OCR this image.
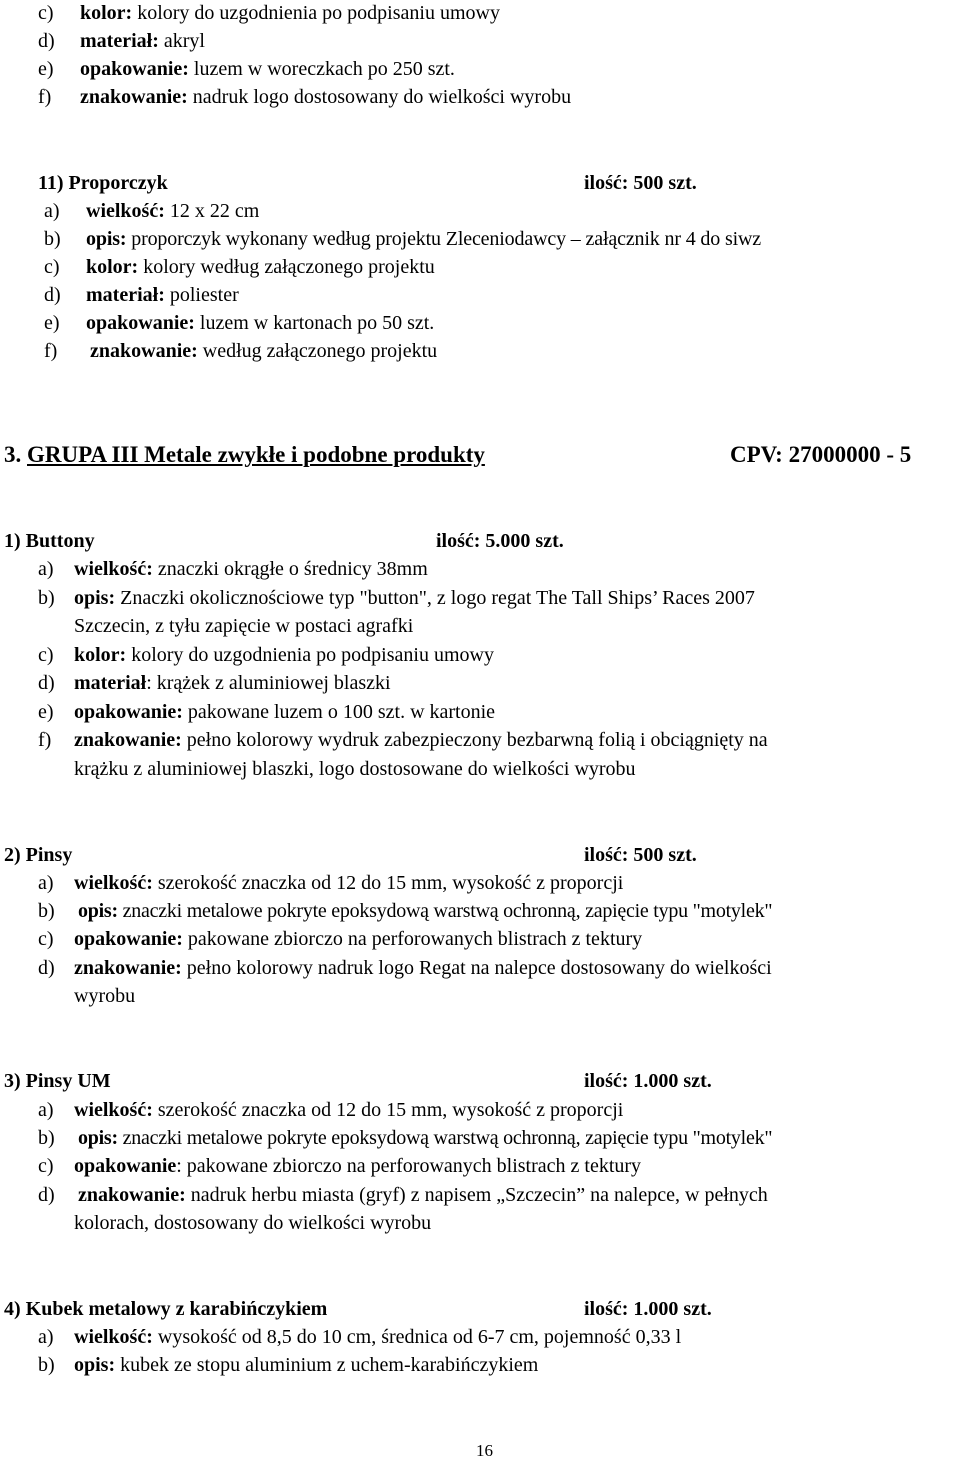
c) kolor: kolory do uzgodnienia po podpisaniu umowy
d) materiał: akryl
e) opakowanie: luzem w woreczkach po 250 szt.
f) znakowanie: nadruk logo dostosowany do wielkości wyrobu
11) Proporczyk	ilość: 500 szt.
a) wielkość: 12 x 22 cm
b) opis: proporczyk wykonany według projektu Zleceniodawcy – załącznik nr 4 do siwz
c) kolor: kolory według załączonego projektu
d) materiał: poliester
e) opakowanie: luzem w kartonach po 50 szt.
f) znakowanie: według załączonego projektu
3. GRUPA III Metale zwykłe i podobne produkty	CPV: 27000000 - 5
1) Buttony	ilość: 5.000 szt.
a) wielkość: znaczki okrągłe o średnicy 38mm
b) opis: Znaczki okolicznościowe typ "button", z logo regat The Tall Ships’ Races 2007
Szczecin, z tyłu zapięcie w postaci agrafki
c) kolor: kolory do uzgodnienia po podpisaniu umowy
d) materiał: krążek z aluminiowej blaszki
e) opakowanie: pakowane luzem o 100 szt. w kartonie
f) znakowanie: pełno kolorowy wydruk zabezpieczony bezbarwną folią i obciągnięty na
krążku z aluminiowej blaszki, logo dostosowane do wielkości wyrobu
2) Pinsy	ilość: 500 szt.
a) wielkość: szerokość znaczka od 12 do 15 mm, wysokość z proporcji
b) opis: znaczki metalowe pokryte epoksydową warstwą ochronną, zapięcie typu "motylek"
c) opakowanie: pakowane zbiorczo na perforowanych blistrach z tektury
d) znakowanie: pełno kolorowy nadruk logo Regat na nalepce dostosowany do wielkości
wyrobu
3) Pinsy UM	ilość: 1.000 szt.
a) wielkość: szerokość znaczka od 12 do 15 mm, wysokość z proporcji
b) opis: znaczki metalowe pokryte epoksydową warstwą ochronną, zapięcie typu "motylek"
c) opakowanie: pakowane zbiorczo na perforowanych blistrach z tektury
d) znakowanie: nadruk herbu miasta (gryf) z napisem „Szczecin” na nalepce, w pełnych
kolorach, dostosowany do wielkości wyrobu
4) Kubek metalowy z karabińczykiem	ilość: 1.000 szt.
a) wielkość: wysokość od 8,5 do 10 cm, średnica od 6-7 cm, pojemność 0,33 l
b) opis: kubek ze stopu aluminium z uchem-karabińczykiem
16
